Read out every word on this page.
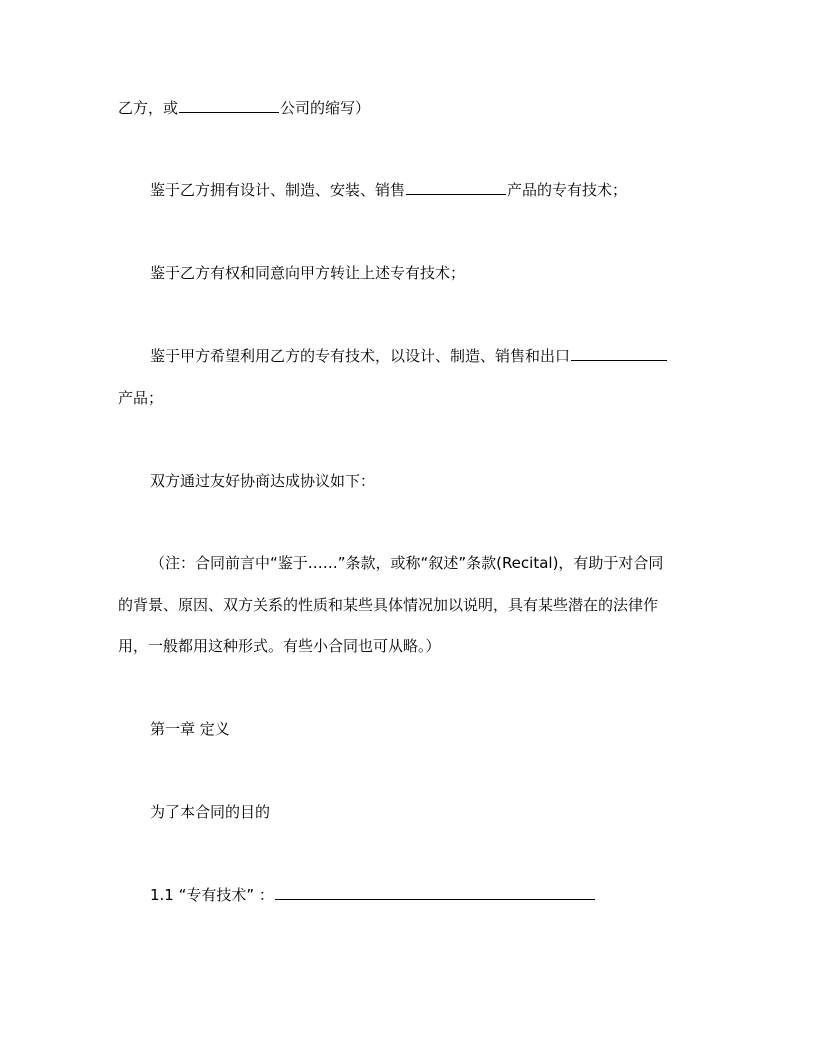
乙方，或	公司的缩写）
鉴于乙方拥有设计、制造、安装、销售	产品的专有技术；
鉴于乙方有权和同意向甲方转让上述专有技术；
鉴于甲方希望利用乙方的专有技术，以设计、制造、销售和出口
产品；
双方通过友好协商达成协议如下：
（注：合同前言中“鉴于……”条款，或称“叙述”条款(Recital)，有助于对合同
的背景、原因、双方关系的性质和某些具体情况加以说明，具有某些潜在的法律作
用，一般都用这种形式。有些小合同也可从略。）
第一章 定义
为了本合同的目的
1.1 “专有技术” ：
